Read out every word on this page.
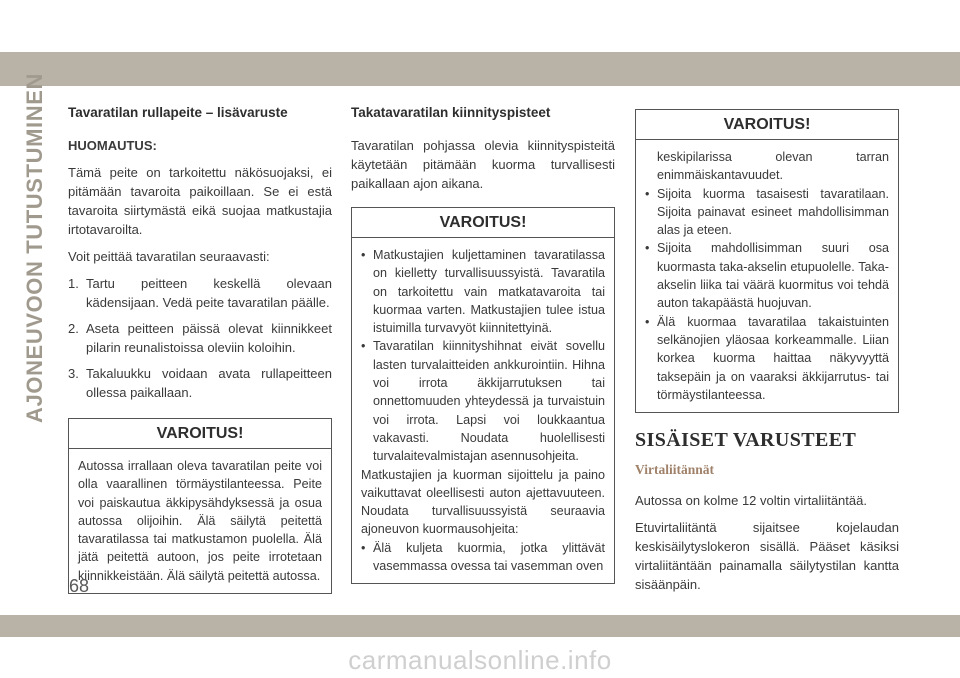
AJONEUVOON TUTUSTUMINEN Tavaratilan rullapeite – lisävaruste

HUOMAUTUS:

Tämä peite on tarkoitettu näkösuojaksi, ei pitämään tavaroita paikoillaan. Se ei estä tavaroita siirtymästä eikä suojaa matkustajia irtotavaroilta.

Voit peittää tavaratilan seuraavasti:

1. Tartu peitteen keskellä olevaan kädensijaan. Vedä peite tavaratilan päälle.
2. Aseta peitteen päissä olevat kiinnikkeet pilarin reunalistoissa oleviin koloihin.
3. Takaluukku voidaan avata rullapeitteen ollessa paikallaan.
VAROITUS!

Autossa irrallaan oleva tavaratilan peite voi olla vaarallinen törmäystilanteessa. Peite voi paiskautua äkkipysähdyksessä ja osua autossa olijoihin. Älä säilytä peitettä tavaratilassa tai matkustamon puolella. Älä jätä peitettä autoon, jos peite irrotetaan kiinnikkeistään. Älä säilytä peitettä autossa.

Takatavaratilan kiinnityspisteet

Tavaratilan pohjassa olevia kiinnityspisteitä käytetään pitämään kuorma turvallisesti paikallaan ajon aikana.

VAROITUS!
• Matkustajien kuljettaminen tavaratilassa on kielletty turvallisuussyistä. Tavaratila on tarkoitettu vain matkatavaroita tai kuormaa varten. Matkustajien tulee istua istuimilla turvavyöt kiinnitettyinä.
• Tavaratilan kiinnityshihnat eivät sovellu lasten turvalaitteiden ankkurointiin. Hihna voi irrota äkkijarrutuksen tai onnettomuuden yhteydessä ja turvaistuin voi irrota. Lapsi voi loukkaantua vakavasti. Noudata huolellisesti turvalaitevalmistajan asennusohjeita.

Matkustajien ja kuorman sijoittelu ja paino vaikuttavat oleellisesti auton ajettavuuteen. Noudata turvallisuussyistä seuraavia ajoneuvon kuormausohjeita:

• Älä kuljeta kuormia, jotka ylittävät vasemmassa ovessa tai vasemman oven
VAROITUS!

keskipilarissa olevan tarran enimmäiskantavuudet.

• Sijoita kuorma tasaisesti tavaratilaan. Sijoita painavat esineet mahdollisimman alas ja eteen.
• Sijoita mahdollisimman suuri osa kuormasta taka-akselin etupuolelle. Taka-akselin liika tai väärä kuormitus voi tehdä auton takapäästä huojuvan.
• Älä kuormaa tavaratilaa takaistuinten selkänojien yläosaa korkeammalle. Liian korkea kuorma haittaa näkyvyyttä taksepäin ja on vaaraksi äkkijarrutus- tai törmäystilanteessa.
SISÄISET VARUSTEET
Virtaliitännät

Autossa on kolme 12 voltin virtaliitäntää.

Etuvirtaliitäntä sijaitsee kojelaudan keskisäilytyslokeron sisällä. Pääset käsiksi virtaliitäntään painamalla säilytystilan kantta sisäänpäin.

68
carmanualsonline.info
